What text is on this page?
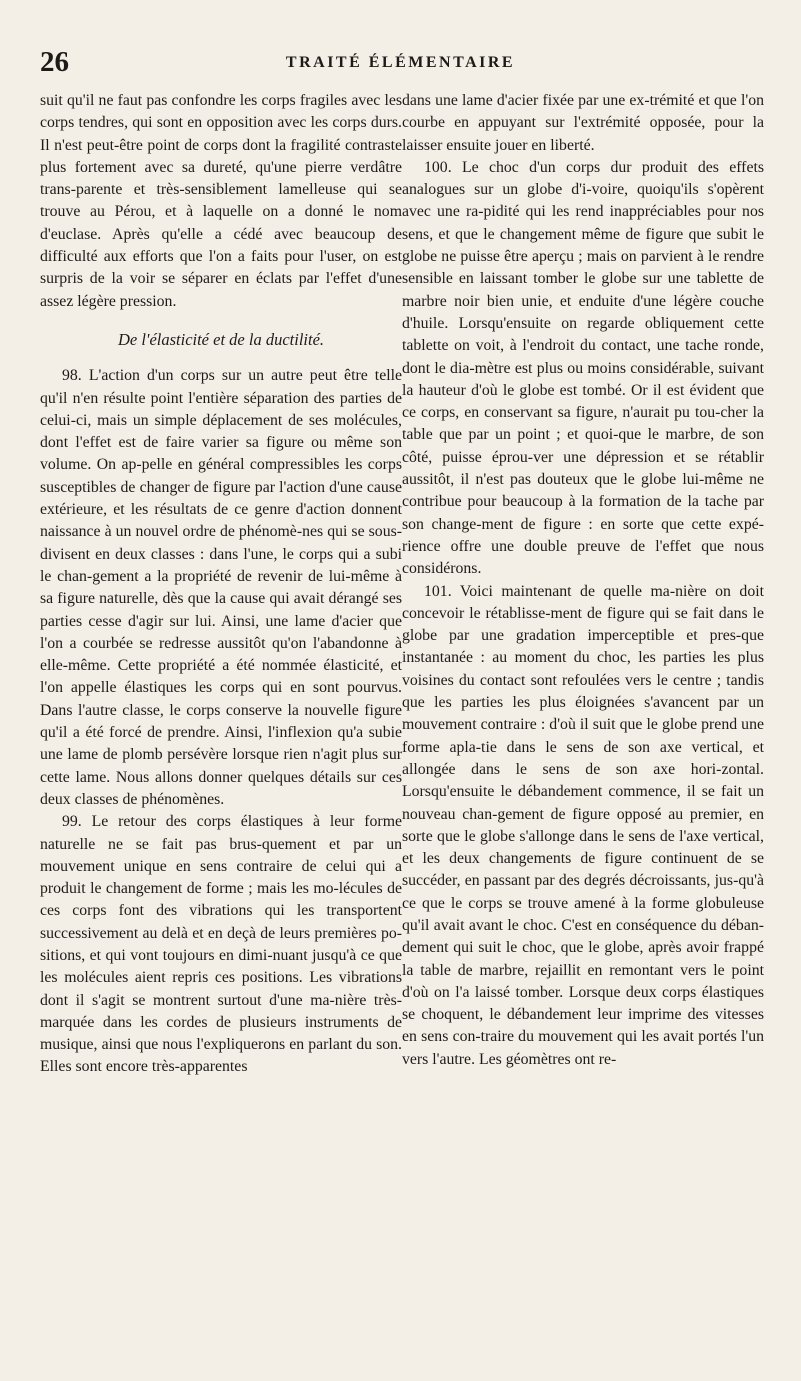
26	TRAITÉ ÉLÉMENTAIRE

suit qu'il ne faut pas confondre les corps fragiles avec les corps tendres, qui sont en opposition avec les corps durs. Il n'est peut-être point de corps dont la fragilité contraste plus fortement avec sa dureté, qu'une pierre verdâtre trans-parente et très-sensiblement lamelleuse qui se trouve au Pérou, et à laquelle on a donné le nom d'euclase. Après qu'elle a cédé avec beaucoup de difficulté aux efforts que l'on a faits pour l'user, on est surpris de la voir se séparer en éclats par l'effet d'une assez légère pression.

De l'élasticité et de la ductilité.

98. L'action d'un corps sur un autre peut être telle qu'il n'en résulte point l'entière séparation des parties de celui-ci, mais un simple déplacement de ses molécules, dont l'effet est de faire varier sa figure ou même son volume. On ap-pelle en général compressibles les corps susceptibles de changer de figure par l'action d'une cause extérieure, et les résultats de ce genre d'action donnent naissance à un nouvel ordre de phénomè-nes qui se sous-divisent en deux classes : dans l'une, le corps qui a subi le chan-gement a la propriété de revenir de lui-même à sa figure naturelle, dès que la cause qui avait dérangé ses parties cesse d'agir sur lui. Ainsi, une lame d'acier que l'on a courbée se redresse aussitôt qu'on l'abandonne à elle-même. Cette propriété a été nommée élasticité, et l'on appelle élastiques les corps qui en sont pourvus. Dans l'autre classe, le corps conserve la nouvelle figure qu'il a été forcé de prendre. Ainsi, l'inflexion qu'a subie une lame de plomb persévère lorsque rien n'agit plus sur cette lame. Nous allons donner quelques détails sur ces deux classes de phénomènes.

99. Le retour des corps élastiques à leur forme naturelle ne se fait pas brus-quement et par un mouvement unique en sens contraire de celui qui a produit le changement de forme ; mais les mo-lécules de ces corps font des vibrations qui les transportent successivement au delà et en deçà de leurs premières po-sitions, et qui vont toujours en dimi-nuant jusqu'à ce que les molécules aient repris ces positions. Les vibrations dont il s'agit se montrent surtout d'une ma-nière très-marquée dans les cordes de plusieurs instruments de musique, ainsi que nous l'expliquerons en parlant du son. Elles sont encore très-apparentes

dans une lame d'acier fixée par une ex-trémité et que l'on courbe en appuyant sur l'extrémité opposée, pour la laisser ensuite jouer en liberté.

100. Le choc d'un corps dur produit des effets analogues sur un globe d'i-voire, quoiqu'ils s'opèrent avec une ra-pidité qui les rend inappréciables pour nos sens, et que le changement même de figure que subit le globe ne puisse être aperçu ; mais on parvient à le rendre sensible en laissant tomber le globe sur une tablette de marbre noir bien unie, et enduite d'une légère couche d'huile. Lorsqu'ensuite on regarde obliquement cette tablette on voit, à l'endroit du contact, une tache ronde, dont le dia-mètre est plus ou moins considérable, suivant la hauteur d'où le globe est tombé. Or il est évident que ce corps, en conservant sa figure, n'aurait pu tou-cher la table que par un point ; et quoi-que le marbre, de son côté, puisse éprou-ver une dépression et se rétablir aussitôt, il n'est pas douteux que le globe lui-même ne contribue pour beaucoup à la formation de la tache par son change-ment de figure : en sorte que cette expé-rience offre une double preuve de l'effet que nous considérons.

101. Voici maintenant de quelle ma-nière on doit concevoir le rétablisse-ment de figure qui se fait dans le globe par une gradation imperceptible et pres-que instantanée : au moment du choc, les parties les plus voisines du contact sont refoulées vers le centre ; tandis que les parties les plus éloignées s'avancent par un mouvement contraire : d'où il suit que le globe prend une forme apla-tie dans le sens de son axe vertical, et allongée dans le sens de son axe hori-zontal. Lorsqu'ensuite le débandement commence, il se fait un nouveau chan-gement de figure opposé au premier, en sorte que le globe s'allonge dans le sens de l'axe vertical, et les deux changements de figure continuent de se succéder, en passant par des degrés décroissants, jus-qu'à ce que le corps se trouve amené à la forme globuleuse qu'il avait avant le choc. C'est en conséquence du déban-dement qui suit le choc, que le globe, après avoir frappé la table de marbre, rejaillit en remontant vers le point d'où on l'a laissé tomber. Lorsque deux corps élastiques se choquent, le débandement leur imprime des vitesses en sens con-traire du mouvement qui les avait portés l'un vers l'autre. Les géomètres ont re-
